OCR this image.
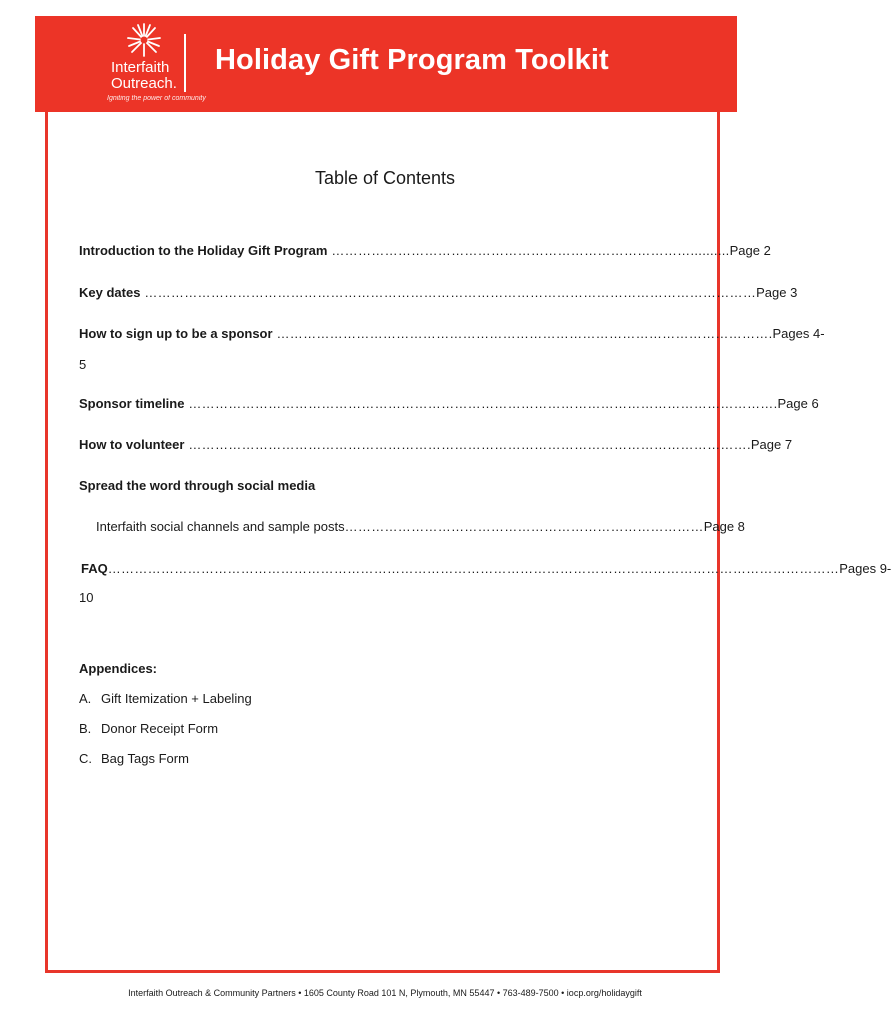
Interfaith
Outreach.
Igniting the power of community
Holiday Gift Program Toolkit
Table of Contents
Introduction to the Holiday Gift Program ………………………………………………………………………..........Page 2
Key dates …………………………………………………………………………………………………………………………Page 3
How to sign up to be a sponsor ………………………………………………………………………………………………….Pages 4-
5
Sponsor timeline …………………………………………………………………………………………………………………….Page 6
How to volunteer ……………………………………………………………………………………………………………….Page 7
Spread the word through social media
Interfaith social channels and sample posts………………………………………………………………………Page 8
FAQ…………………………………………………………………………………………………………………………………………………Pages 9-
10
Appendices:
A. Gift Itemization + Labeling
B. Donor Receipt Form
C. Bag Tags Form
Interfaith Outreach & Community Partners • 1605 County Road 101 N, Plymouth, MN 55447 • 763-489-7500 • iocp.org/holidaygift
